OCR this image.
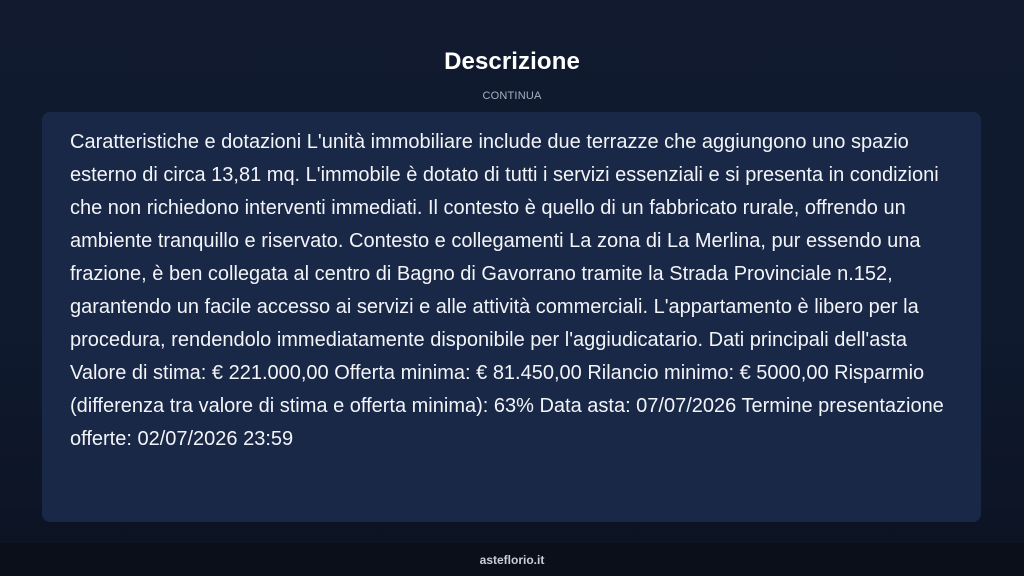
Descrizione
CONTINUA

Caratteristiche e dotazioni L'unità immobiliare include due terrazze che aggiungono uno spazio esterno di circa 13,81 mq. L'immobile è dotato di tutti i servizi essenziali e si presenta in condizioni che non richiedono interventi immediati. Il contesto è quello di un fabbricato rurale, offrendo un ambiente tranquillo e riservato. Contesto e collegamenti La zona di La Merlina, pur essendo una frazione, è ben collegata al centro di Bagno di Gavorrano tramite la Strada Provinciale n.152, garantendo un facile accesso ai servizi e alle attività commerciali. L'appartamento è libero per la procedura, rendendolo immediatamente disponibile per l'aggiudicatario. Dati principali dell'asta Valore di stima: € 221.000,00 Offerta minima: € 81.450,00 Rilancio minimo: € 5000,00 Risparmio (differenza tra valore di stima e offerta minima): 63% Data asta: 07/07/2026 Termine presentazione offerte: 02/07/2026 23:59

asteflorio.it
